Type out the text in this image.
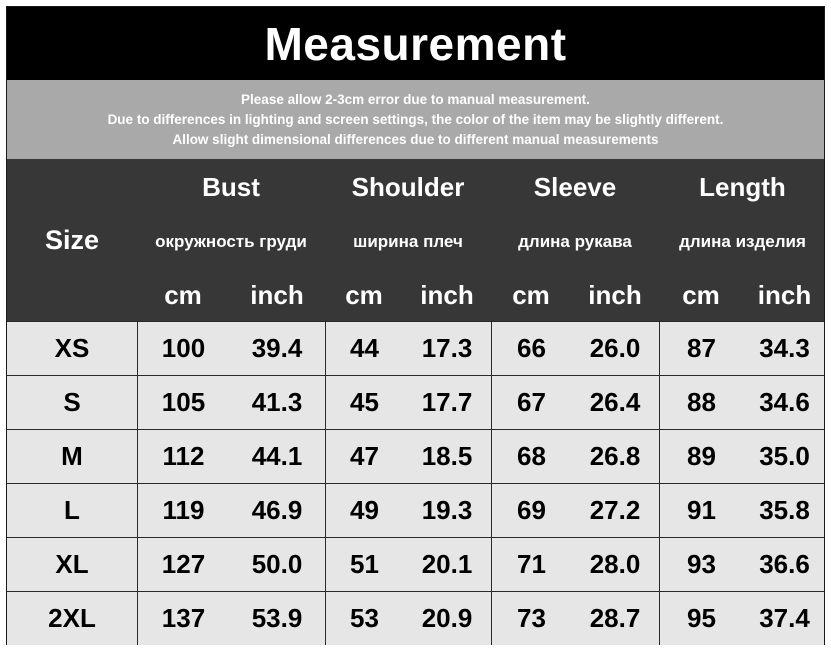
Measurement
Please allow 2-3cm error due to manual measurement.
Due to differences in lighting and screen settings, the color of the item may be slightly different.
Allow slight dimensional differences due to different manual measurements
Size
Bust
окружность груди
cm	inch
Shoulder
ширина плеч
cm	inch
Sleeve
длина рукава
cm	inch
Length
длина изделия
cm	inch
XS	100	39.4	44	17.3	66	26.0	87	34.3
S	105	41.3	45	17.7	67	26.4	88	34.6
M	112	44.1	47	18.5	68	26.8	89	35.0
L	119	46.9	49	19.3	69	27.2	91	35.8
XL	127	50.0	51	20.1	71	28.0	93	36.6
2XL	137	53.9	53	20.9	73	28.7	95	37.4
